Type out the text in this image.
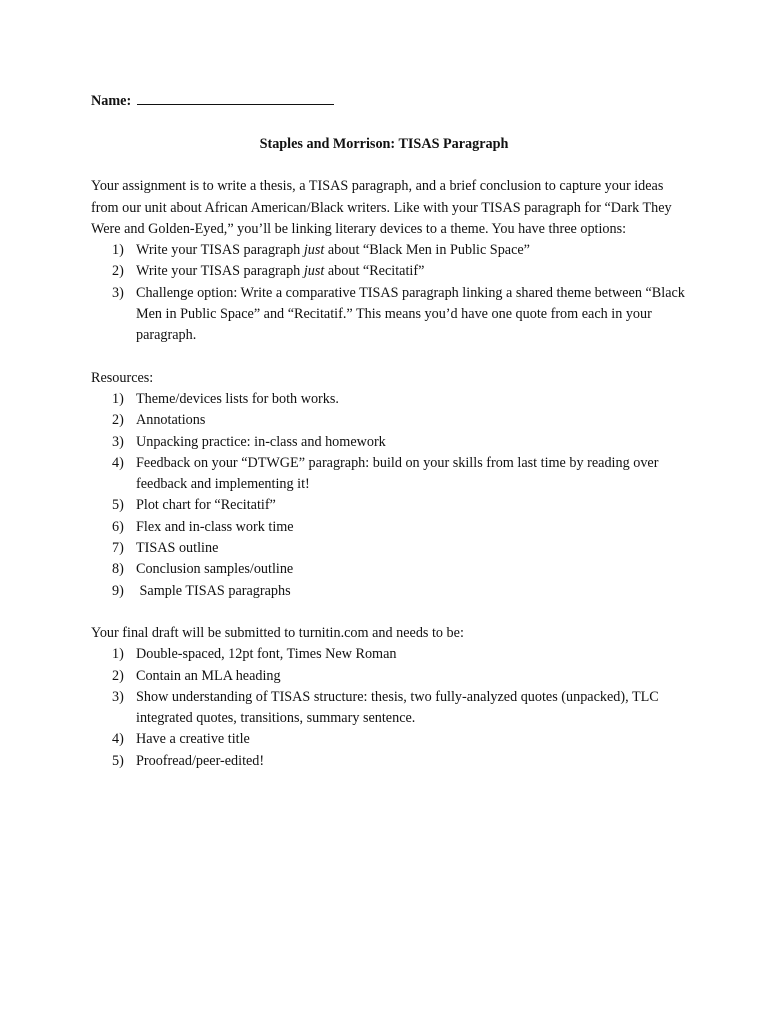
Name:
Staples and Morrison: TISAS Paragraph
Your assignment is to write a thesis, a TISAS paragraph, and a brief conclusion to capture your ideas from our unit about African American/Black writers. Like with your TISAS paragraph for “Dark They Were and Golden-Eyed,” you’ll be linking literary devices to a theme. You have three options:
1) Write your TISAS paragraph just about “Black Men in Public Space”
2) Write your TISAS paragraph just about “Recitatif”
3) Challenge option: Write a comparative TISAS paragraph linking a shared theme between “Black Men in Public Space” and “Recitatif.” This means you’d have one quote from each in your paragraph.
Resources:
1) Theme/devices lists for both works.
2) Annotations
3) Unpacking practice: in-class and homework
4) Feedback on your “DTWGE” paragraph: build on your skills from last time by reading over feedback and implementing it!
5) Plot chart for “Recitatif”
6) Flex and in-class work time
7) TISAS outline
8) Conclusion samples/outline
9) Sample TISAS paragraphs
Your final draft will be submitted to turnitin.com and needs to be:
1) Double-spaced, 12pt font, Times New Roman
2) Contain an MLA heading
3) Show understanding of TISAS structure: thesis, two fully-analyzed quotes (unpacked), TLC integrated quotes, transitions, summary sentence.
4) Have a creative title
5) Proofread/peer-edited!
